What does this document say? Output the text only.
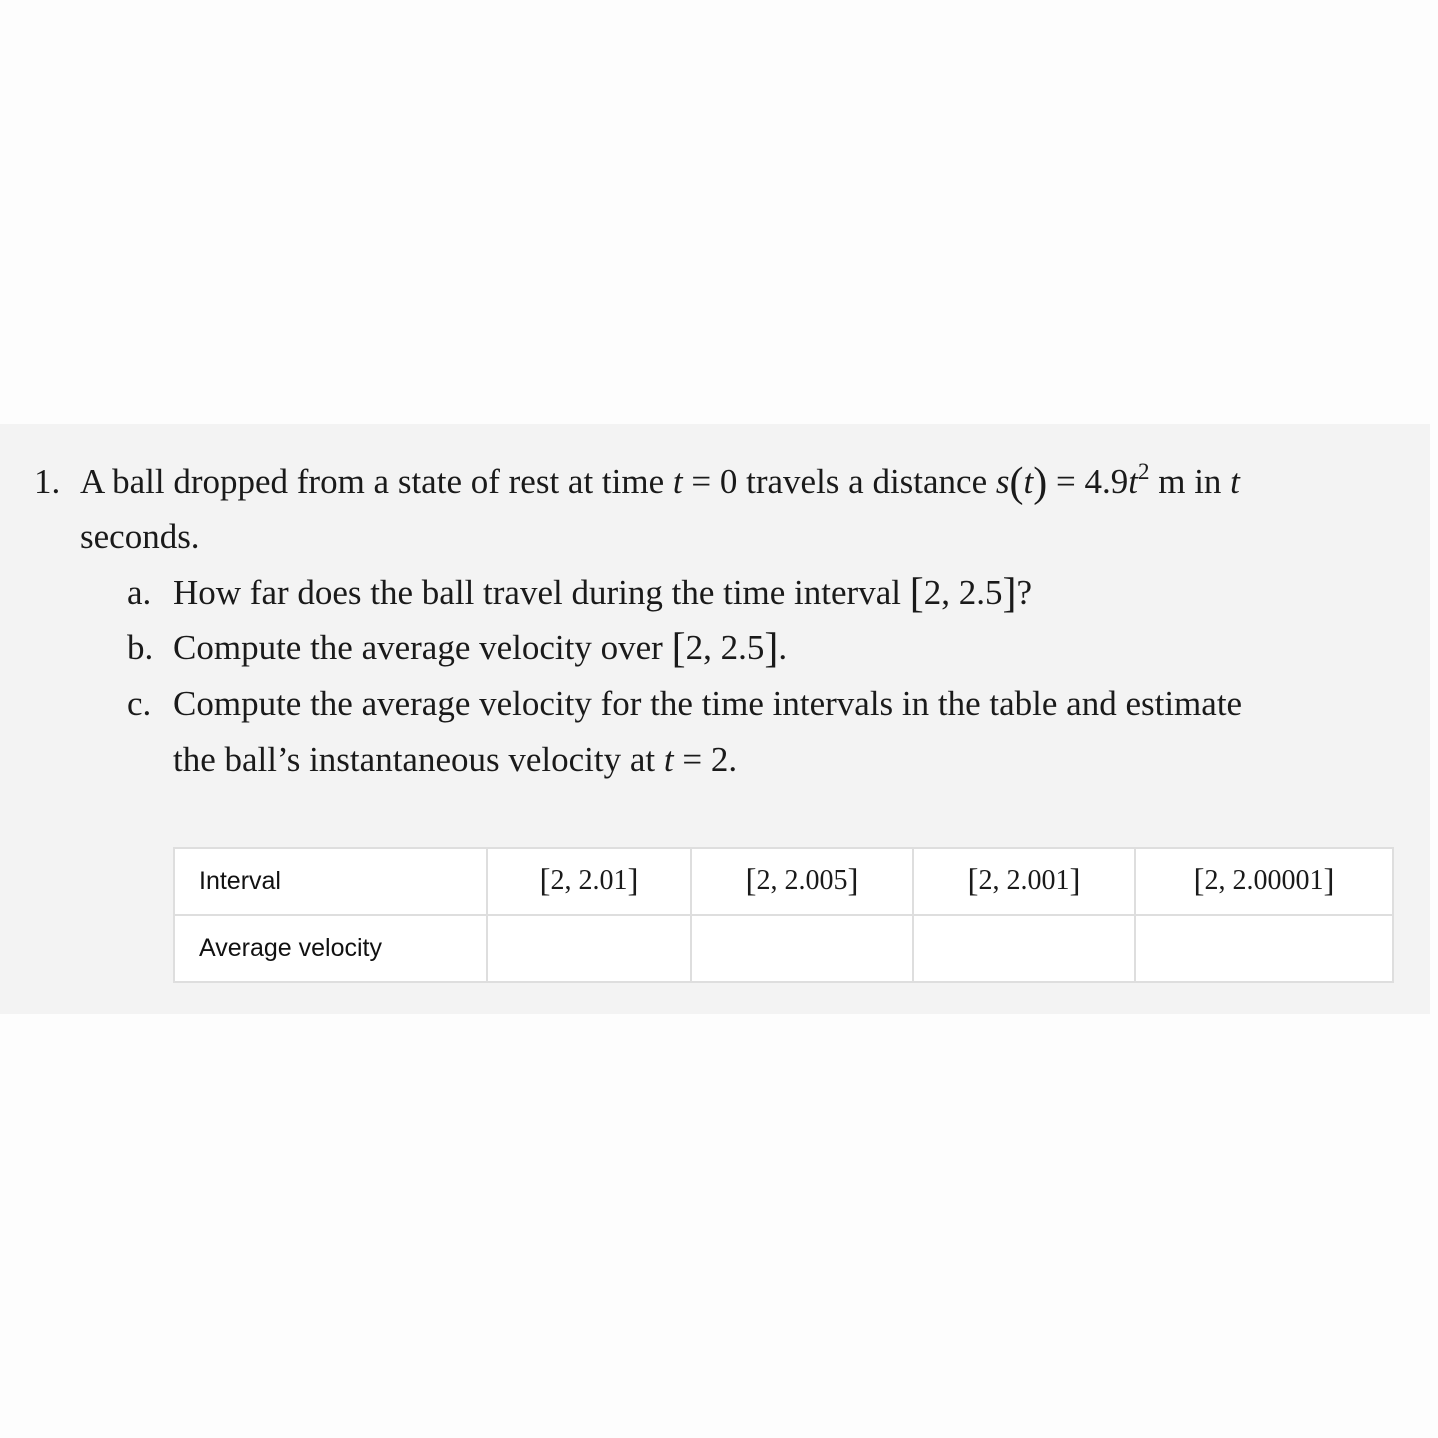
1. A ball dropped from a state of rest at time t = 0 travels a distance $s(t) = 4.9t^2$ m in t
seconds.
a. How far does the ball travel during the time interval [2, 2.5]?
b. Compute the average velocity over [2, 2.5].
c. Compute the average velocity for the time intervals in the table and estimate
the ball’s instantaneous velocity at t = 2.
Interval	[2, 2.01]	[2, 2.005]	[2, 2.001]	[2, 2.00001]
Average velocity				
